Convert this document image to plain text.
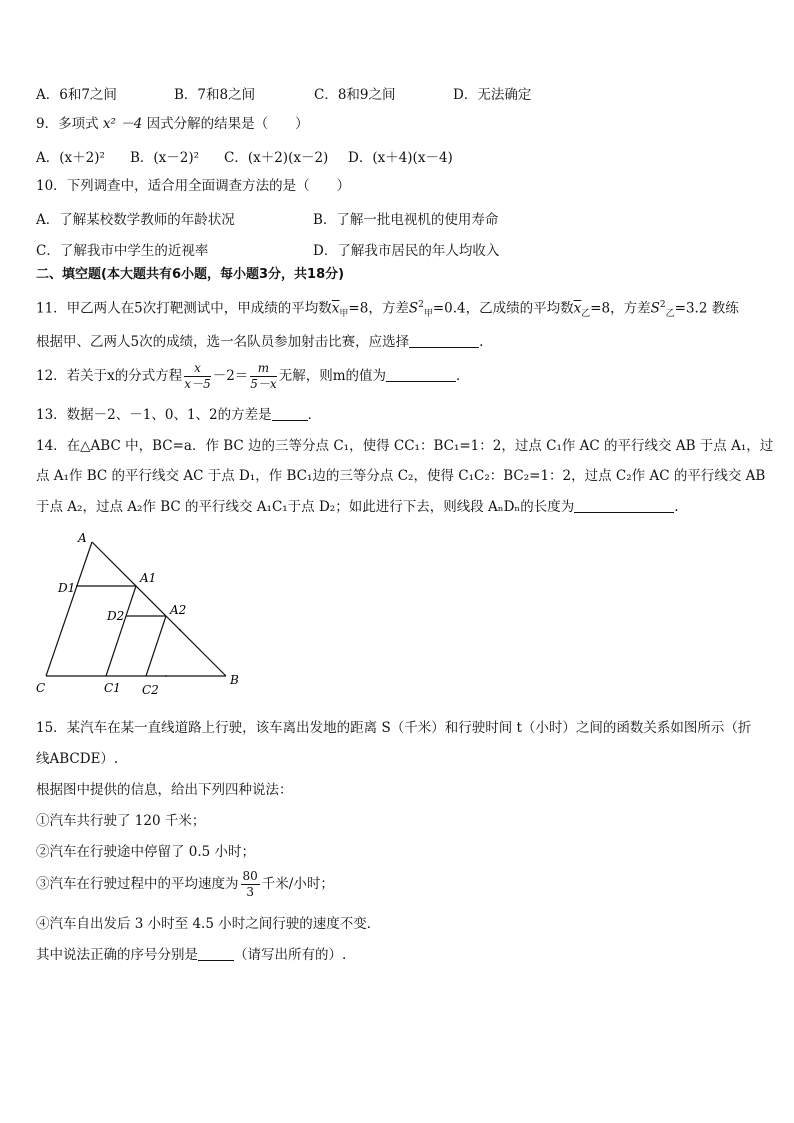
A．6和7之间	B．7和8之间	C．8和9之间	D．无法确定
9．多项式 x² －4 因式分解的结果是（　　）
A．(x＋2)² B．(x－2)² C．(x＋2)(x－2) D．(x＋4)(x－4)
10．下列调查中，适合用全面调查方法的是（　　）
A．了解某校数学教师的年龄状况	B．了解一批电视机的使用寿命
C．了解我市中学生的近视率	D．了解我市居民的年人均收入
二、填空题(本大题共有6小题，每小题3分，共18分)
11．甲乙两人在5次打靶测试中，甲成绩的平均数$\overline{x}_甲=8$，方差$S^2_甲=0.4$，乙成绩的平均数$\overline{x}_乙=8$，方差$S^2_乙=3.2$ 教练
根据甲、乙两人5次的成绩，选一名队员参加射击比赛，应选择	.
12．若关于x的分式方程 $\frac{x}{x-5} -2= \frac{m}{5-x}$ 无解，则m的值为	．
13．数据－2、－1、0、1、2的方差是	．
14．在△ABC 中，BC=a．作 BC 边的三等分点 C₁，使得 CC₁：BC₁=1：2，过点 C₁作 AC 的平行线交 AB 于点 A₁，过
点 A₁作 BC 的平行线交 AC 于点 D₁，作 BC₁边的三等分点 C₂，使得 C₁C₂：BC₂=1：2，过点 C₂作 AC 的平行线交 AB
于点 A₂，过点 A₂作 BC 的平行线交 A₁C₁于点 D₂；如此进行下去，则线段 AₙDₙ的长度为	.
A
A1
A2
D1
D2
C	C1 C2
B
15．某汽车在某一直线道路上行驶，该车离出发地的距离 S（千米）和行驶时间 t（小时）之间的函数关系如图所示（折
线ABCDE）.
根据图中提供的信息，给出下列四种说法：
①汽车共行驶了 120 千米；
②汽车在行驶途中停留了 0.5 小时；
③汽车在行驶过程中的平均速度为 $\frac{80}{3}$ 千米/小时；
④汽车自出发后 3 小时至 4.5 小时之间行驶的速度不变．
其中说法正确的序号分别是	（请写出所有的）.
